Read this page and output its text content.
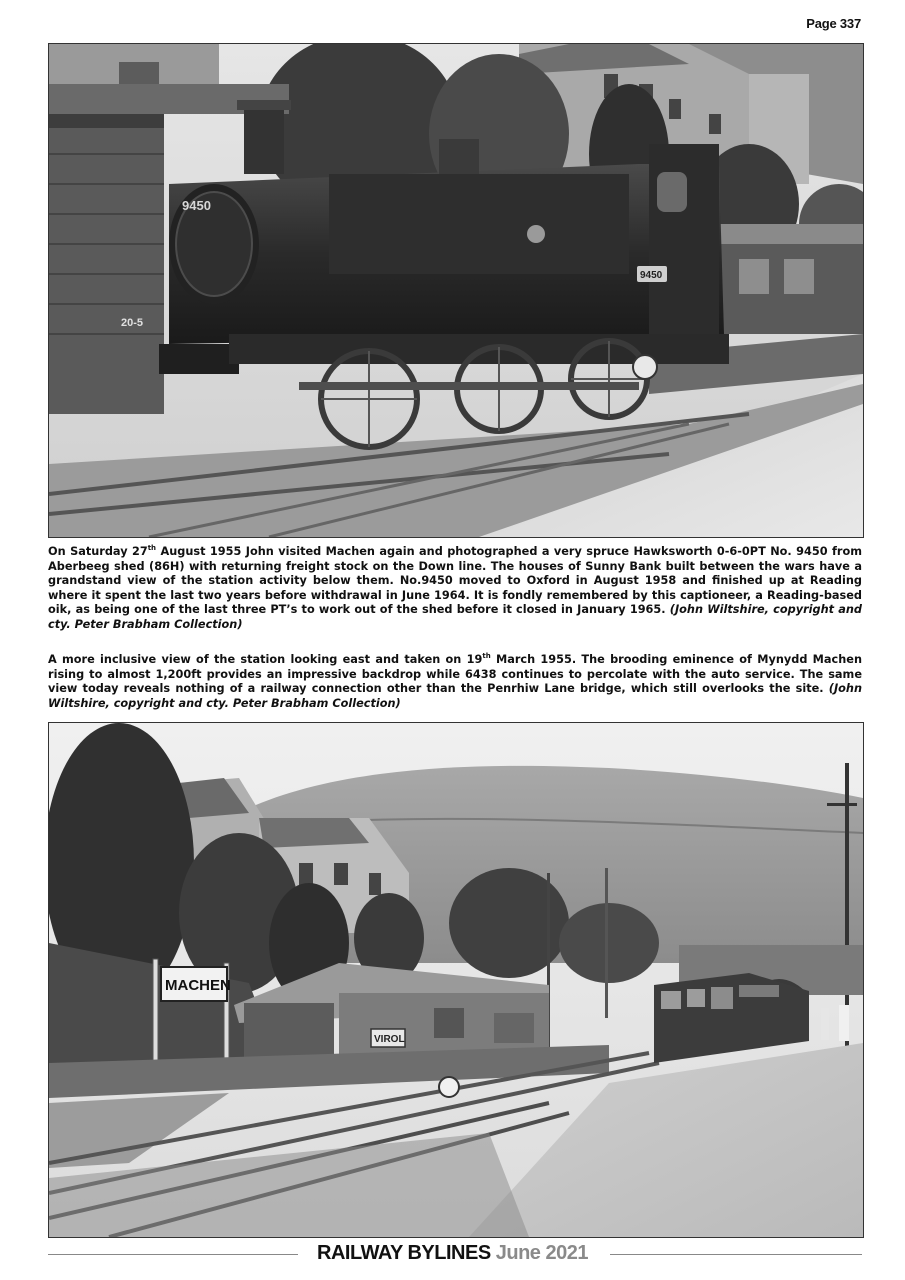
Page 337
20-5
9450
9450

On Saturday 27th August 1955 John visited Machen again and photographed a very spruce Hawksworth 0-6-0PT No. 9450 from Aberbeeg shed (86H) with returning freight stock on the Down line. The houses of Sunny Bank built between the wars have a grandstand view of the station activity below them. No.9450 moved to Oxford in August 1958 and finished up at Reading where it spent the last two years before withdrawal in June 1964. It is fondly remembered by this captioneer, a Reading-based oik, as being one of the last three PT’s to work out of the shed before it closed in January 1965. (John Wiltshire, copyright and cty. Peter Brabham Collection)

A more inclusive view of the station looking east and taken on 19th March 1955. The brooding eminence of Mynydd Machen rising to almost 1,200ft provides an impressive backdrop while 6438 continues to percolate with the auto service. The same view today reveals nothing of a railway connection other than the Penrhiw Lane bridge, which still overlooks the site. (John Wiltshire, copyright and cty. Peter Brabham Collection)

VIROL
MACHEN
RAILWAY BYLINES June 2021
